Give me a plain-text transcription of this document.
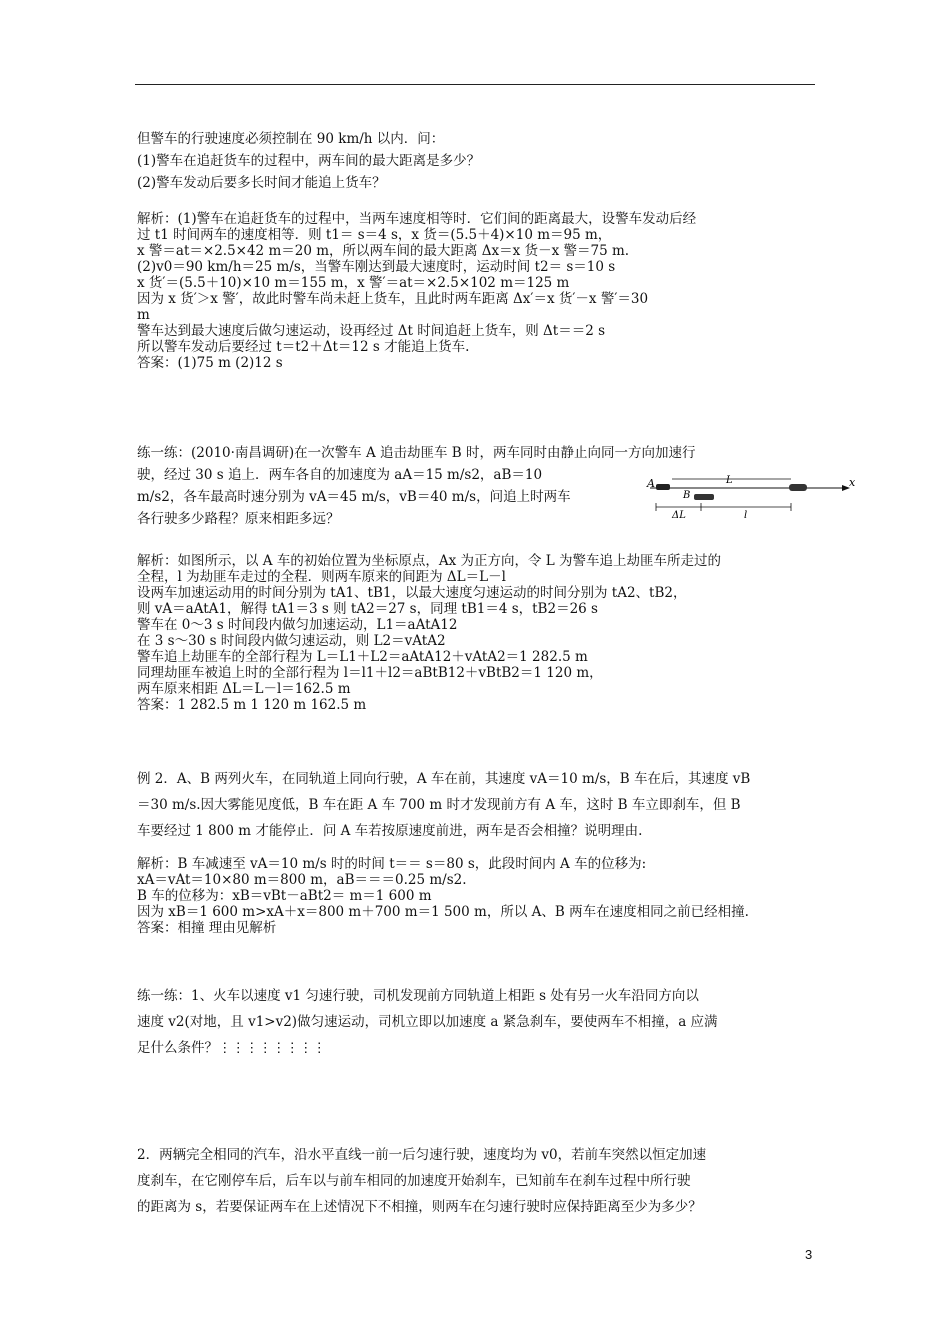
但警车的行驶速度必须控制在 90 km/h 以内．问：
(1)警车在追赶货车的过程中，两车间的最大距离是多少？
(2)警车发动后要多长时间才能追上货车？
解析：(1)警车在追赶货车的过程中，当两车速度相等时．它们间的距离最大，设警车发动后经
过 t1 时间两车的速度相等．则 t1＝ s＝4 s，x 货＝(5.5＋4)×10 m＝95 m，
x 警＝at＝×2.5×42 m＝20 m，所以两车间的最大距离 Δx＝x 货－x 警＝75 m.
(2)v0＝90 km/h＝25 m/s，当警车刚达到最大速度时，运动时间 t2＝ s＝10 s
x 货′＝(5.5＋10)×10 m＝155 m，x 警′＝at＝×2.5×102 m＝125 m
因为 x 货′＞x 警′，故此时警车尚未赶上货车，且此时两车距离 Δx′＝x 货′－x 警′＝30
m
警车达到最大速度后做匀速运动，设再经过 Δt 时间追赶上货车，则 Δt＝＝2 s
所以警车发动后要经过 t＝t2＋Δt＝12 s 才能追上货车.
答案：(1)75 m (2)12 s
练一练：(2010·南昌调研)在一次警车 A 追击劫匪车 B 时，两车同时由静止向同一方向加速行
驶，经过 30 s 追上．两车各自的加速度为 aA＝15 m/s2，aB＝10
m/s2，各车最高时速分别为 vA＝45 m/s，vB＝40 m/s，问追上时两车
各行驶多少路程？原来相距多远？
A	L	x
B
ΔL	l
解析：如图所示，以 A 车的初始位置为坐标原点，Ax 为正方向，令 L 为警车追上劫匪车所走过的
全程，l 为劫匪车走过的全程．则两车原来的间距为 ΔL＝L－l
设两车加速运动用的时间分别为 tA1、tB1，以最大速度匀速运动的时间分别为 tA2、tB2，
则 vA＝aAtA1，解得 tA1＝3 s 则 tA2＝27 s，同理 tB1＝4 s，tB2＝26 s
警车在 0～3 s 时间段内做匀加速运动，L1＝aAtA12
在 3 s～30 s 时间段内做匀速运动，则 L2＝vAtA2
警车追上劫匪车的全部行程为 L＝L1＋L2＝aAtA12＋vAtA2＝1 282.5 m
同理劫匪车被追上时的全部行程为 l＝l1＋l2＝aBtB12＋vBtB2＝1 120 m，
两车原来相距 ΔL＝L－l＝162.5 m
答案：1 282.5 m 1 120 m 162.5 m
例 2．A、B 两列火车，在同轨道上同向行驶，A 车在前，其速度 vA＝10 m/s，B 车在后，其速度 vB
＝30 m/s.因大雾能见度低，B 车在距 A 车 700 m 时才发现前方有 A 车，这时 B 车立即刹车，但 B
车要经过 1 800 m 才能停止．问 A 车若按原速度前进，两车是否会相撞？说明理由.
解析：B 车减速至 vA＝10 m/s 时的时间 t＝＝ s＝80 s，此段时间内 A 车的位移为:
xA＝vAt＝10×80 m＝800 m，aB＝＝＝0.25 m/s2.
B 车的位移为：xB＝vBt－aBt2＝ m＝1 600 m
因为 xB＝1 600 m>xA＋x＝800 m＋700 m＝1 500 m，所以 A、B 两车在速度相同之前已经相撞.
答案：相撞 理由见解析
练一练：1、火车以速度 v1 匀速行驶，司机发现前方同轨道上相距 s 处有另一火车沿同方向以
速度 v2(对地，且 v1>v2)做匀速运动，司机立即以加速度 a 紧急刹车，要使两车不相撞，a 应满
足什么条件？⋮⋮⋮⋮⋮⋮⋮⋮
2．两辆完全相同的汽车，沿水平直线一前一后匀速行驶，速度均为 v0，若前车突然以恒定加速
度刹车，在它刚停车后，后车以与前车相同的加速度开始刹车，已知前车在刹车过程中所行驶
的距离为 s，若要保证两车在上述情况下不相撞，则两车在匀速行驶时应保持距离至少为多少？
3
